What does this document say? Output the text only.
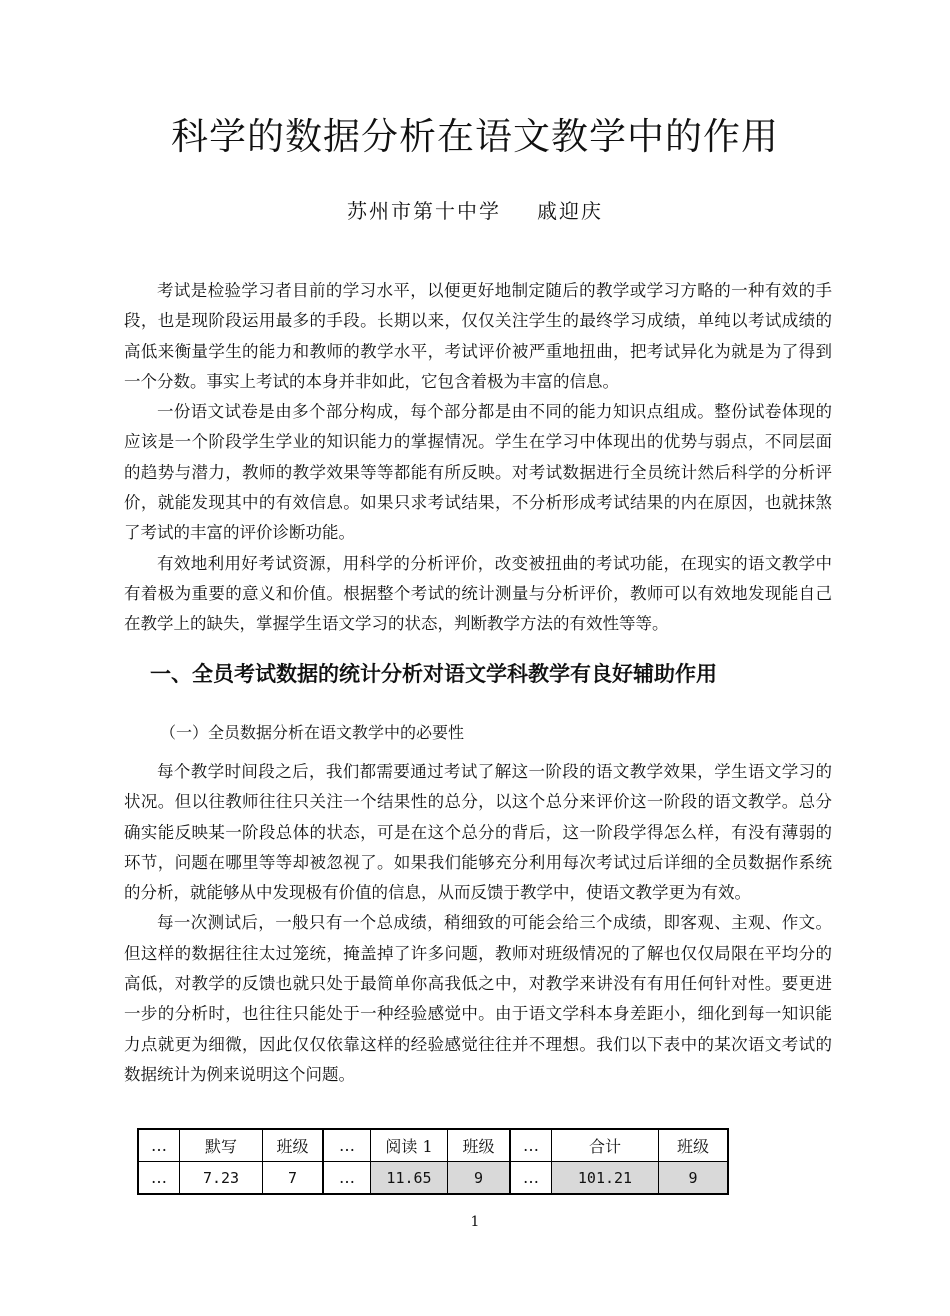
科学的数据分析在语文教学中的作用
苏州市第十中学 戚迎庆

考试是检验学习者目前的学习水平，以便更好地制定随后的教学或学习方略的一种有效的手段，也是现阶段运用最多的手段。长期以来，仅仅关注学生的最终学习成绩，单纯以考试成绩的高低来衡量学生的能力和教师的教学水平，考试评价被严重地扭曲，把考试异化为就是为了得到一个分数。事实上考试的本身并非如此，它包含着极为丰富的信息。

一份语文试卷是由多个部分构成，每个部分都是由不同的能力知识点组成。整份试卷体现的应该是一个阶段学生学业的知识能力的掌握情况。学生在学习中体现出的优势与弱点，不同层面的趋势与潜力，教师的教学效果等等都能有所反映。对考试数据进行全员统计然后科学的分析评价，就能发现其中的有效信息。如果只求考试结果，不分析形成考试结果的内在原因，也就抹煞了考试的丰富的评价诊断功能。

有效地利用好考试资源，用科学的分析评价，改变被扭曲的考试功能，在现实的语文教学中有着极为重要的意义和价值。根据整个考试的统计测量与分析评价，教师可以有效地发现能自己在教学上的缺失，掌握学生语文学习的状态，判断教学方法的有效性等等。

一、全员考试数据的统计分析对语文学科教学有良好辅助作用
（一）全员数据分析在语文教学中的必要性

每个教学时间段之后，我们都需要通过考试了解这一阶段的语文教学效果，学生语文学习的状况。但以往教师往往只关注一个结果性的总分，以这个总分来评价这一阶段的语文教学。总分确实能反映某一阶段总体的状态，可是在这个总分的背后，这一阶段学得怎么样，有没有薄弱的环节，问题在哪里等等却被忽视了。如果我们能够充分利用每次考试过后详细的全员数据作系统的分析，就能够从中发现极有价值的信息，从而反馈于教学中，使语文教学更为有效。

每一次测试后，一般只有一个总成绩，稍细致的可能会给三个成绩，即客观、主观、作文。但这样的数据往往太过笼统，掩盖掉了许多问题，教师对班级情况的了解也仅仅局限在平均分的高低，对教学的反馈也就只处于最简单你高我低之中，对教学来讲没有有用任何针对性。要更进一步的分析时，也往往只能处于一种经验感觉中。由于语文学科本身差距小，细化到每一知识能力点就更为细微，因此仅仅依靠这样的经验感觉往往并不理想。我们以下表中的某次语文考试的数据统计为例来说明这个问题。

…	默写	班级	…	阅读 1	班级	…	合计	班级
…	7.23	7	…	11.65	9	…	101.21	9
1
